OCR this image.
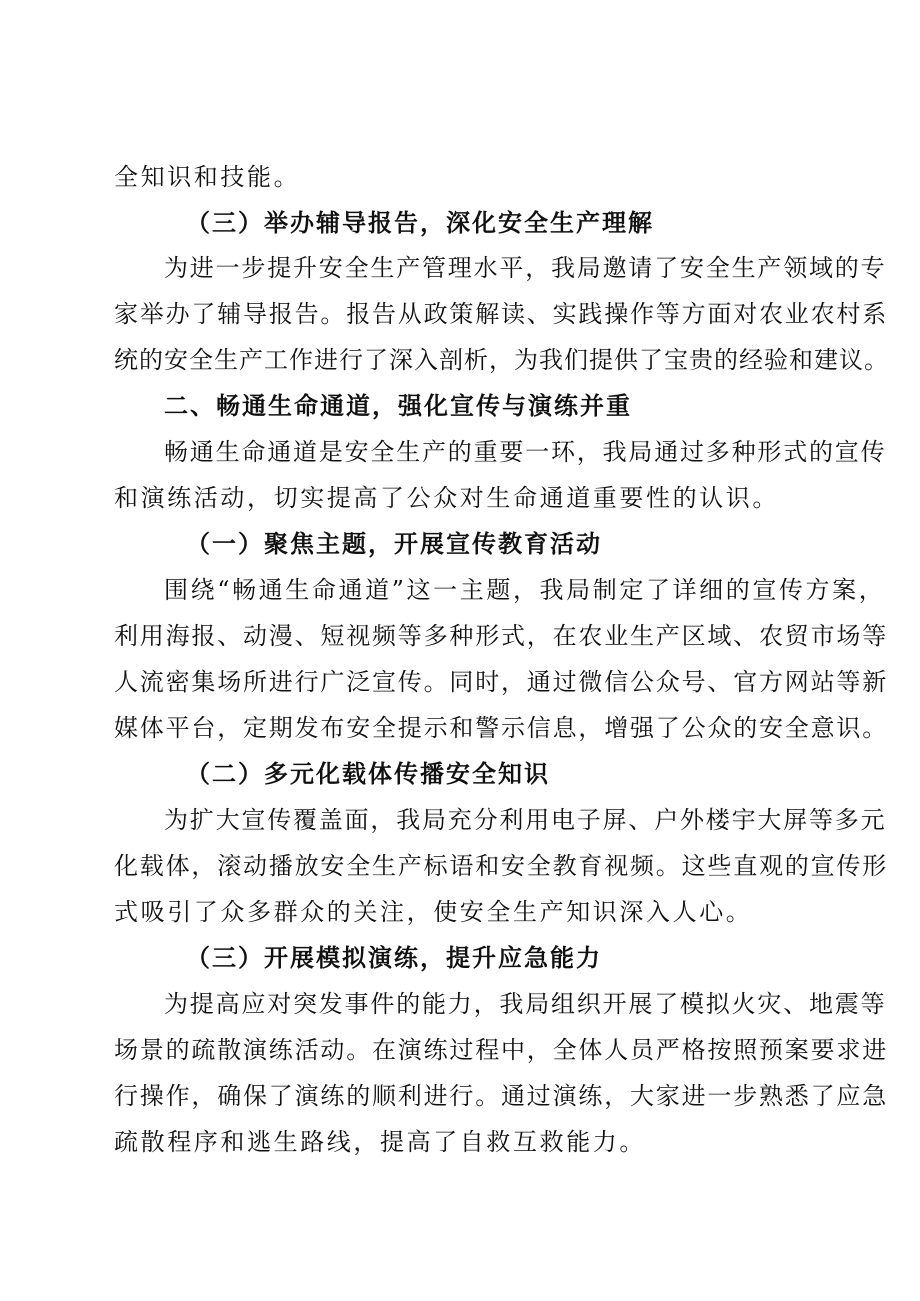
全知识和技能。
（三）举办辅导报告，深化安全生产理解
为进一步提升安全生产管理水平，我局邀请了安全生产领域的专
家举办了辅导报告。报告从政策解读、实践操作等方面对农业农村系
统的安全生产工作进行了深入剖析，为我们提供了宝贵的经验和建议。
二、畅通生命通道，强化宣传与演练并重
畅通生命通道是安全生产的重要一环，我局通过多种形式的宣传
和演练活动，切实提高了公众对生命通道重要性的认识。
（一）聚焦主题，开展宣传教育活动
围绕“畅通生命通道”这一主题，我局制定了详细的宣传方案，
利用海报、动漫、短视频等多种形式，在农业生产区域、农贸市场等
人流密集场所进行广泛宣传。同时，通过微信公众号、官方网站等新
媒体平台，定期发布安全提示和警示信息，增强了公众的安全意识。
（二）多元化载体传播安全知识
为扩大宣传覆盖面，我局充分利用电子屏、户外楼宇大屏等多元
化载体，滚动播放安全生产标语和安全教育视频。这些直观的宣传形
式吸引了众多群众的关注，使安全生产知识深入人心。
（三）开展模拟演练，提升应急能力
为提高应对突发事件的能力，我局组织开展了模拟火灾、地震等
场景的疏散演练活动。在演练过程中，全体人员严格按照预案要求进
行操作，确保了演练的顺利进行。通过演练，大家进一步熟悉了应急
疏散程序和逃生路线，提高了自救互救能力。
